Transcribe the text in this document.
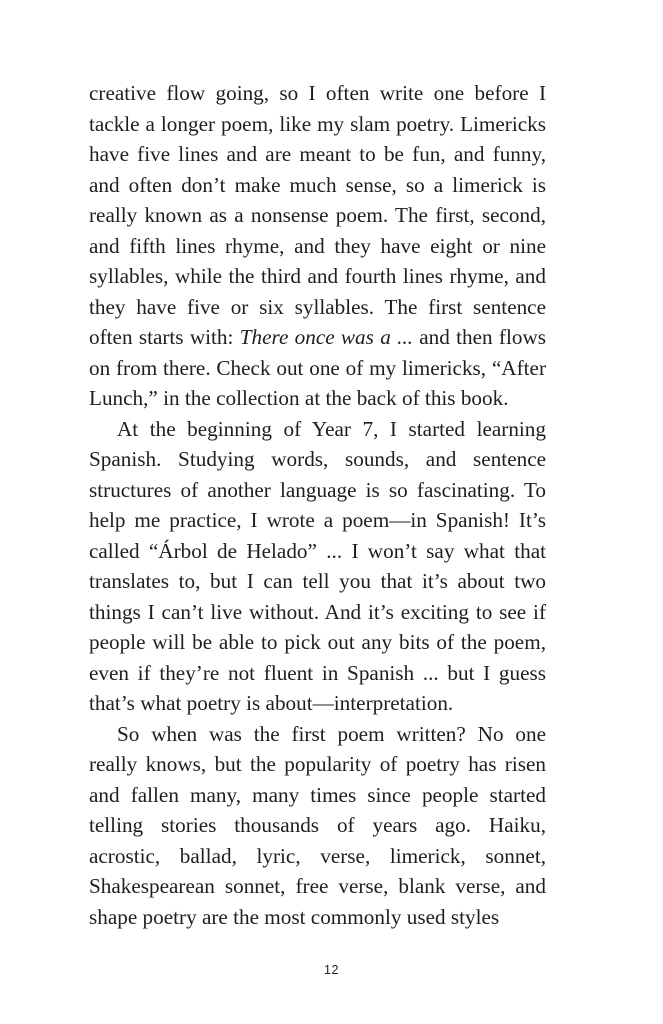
creative flow going, so I often write one before I tackle a longer poem, like my slam poetry. Limericks have five lines and are meant to be fun, and funny, and often don’t make much sense, so a limerick is really known as a nonsense poem. The first, second, and fifth lines rhyme, and they have eight or nine syllables, while the third and fourth lines rhyme, and they have five or six syllables. The first sentence often starts with: There once was a ... and then flows on from there. Check out one of my limericks, “After Lunch,” in the collection at the back of this book.

At the beginning of Year 7, I started learning Spanish. Studying words, sounds, and sentence structures of another language is so fascinating. To help me practice, I wrote a poem—in Spanish! It’s called “Árbol de Helado” ... I won’t say what that translates to, but I can tell you that it’s about two things I can’t live without. And it’s exciting to see if people will be able to pick out any bits of the poem, even if they’re not fluent in Spanish ... but I guess that’s what poetry is about—interpretation.

So when was the first poem written? No one really knows, but the popularity of poetry has risen and fallen many, many times since people started telling stories thousands of years ago. Haiku, acrostic, ballad, lyric, verse, limerick, sonnet, Shakespearean sonnet, free verse, blank verse, and shape poetry are the most commonly used styles

12
